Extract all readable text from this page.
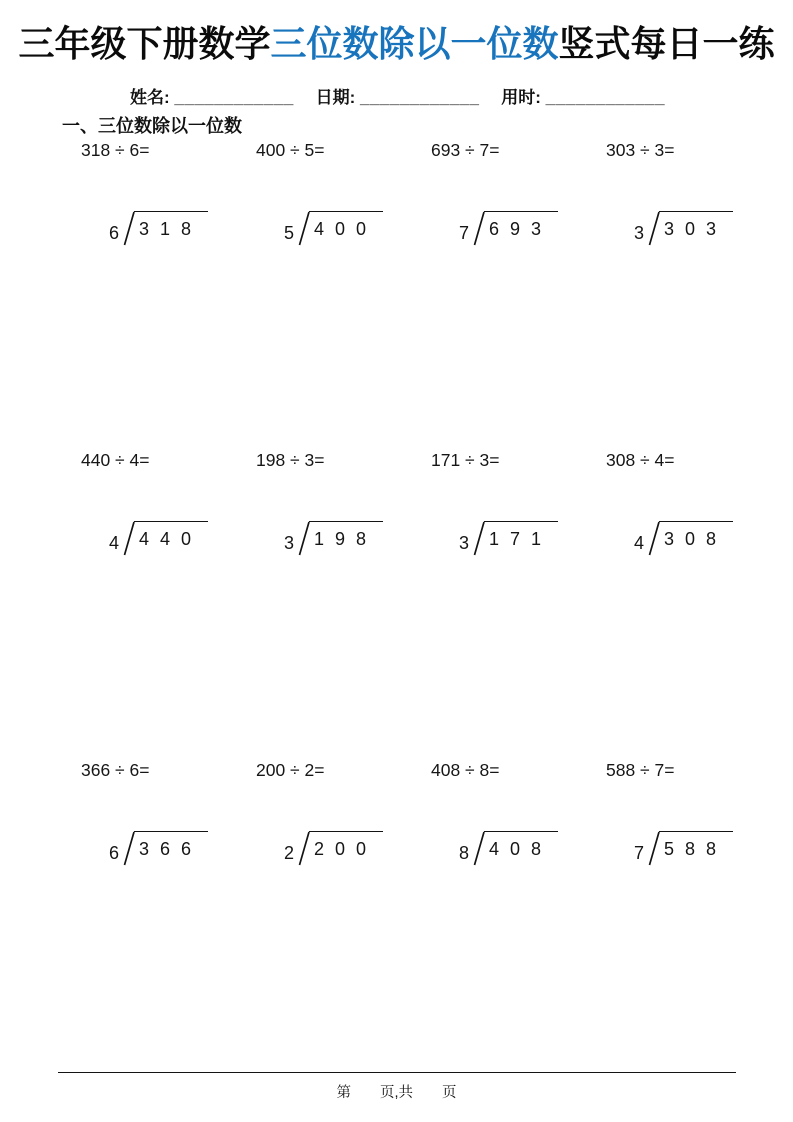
三年级下册数学三位数除以一位数竖式每日一练
姓名: ____________ 日期: ____________ 用时: ____________
一、三位数除以一位数
318 ÷ 6=
6 318
400 ÷ 5=
5 400
693 ÷ 7=
7 693
303 ÷ 3=
3 303
440 ÷ 4=
4 440
198 ÷ 3=
3 198
171 ÷ 3=
3 171
308 ÷ 4=
4 308
366 ÷ 6=
6 366
200 ÷ 2=
2 200
408 ÷ 8=
8 408
588 ÷ 7=
7 588
第　　页,共　　页
